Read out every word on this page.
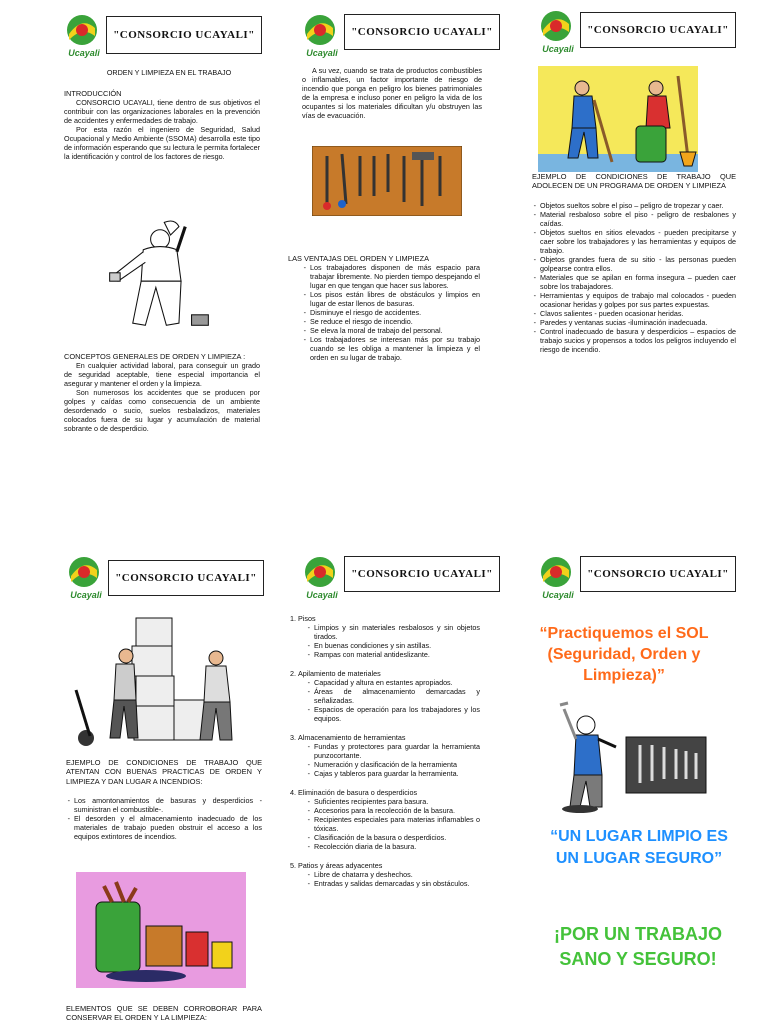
Ucayali
"CONSORCIO UCAYALI"

ORDEN Y LIMPIEZA EN EL TRABAJO

INTRODUCCIÓN

CONSORCIO UCAYALI, tiene dentro de sus objetivos el contribuir con las organizaciones laborales en la prevención de accidentes y enfermedades de trabajo.

Por esta razón el ingeniero de Seguridad, Salud Ocupacional y Medio Ambiente (SSOMA) desarrolla este tipo de información esperando que su lectura le permita fortalecer la identificación y control de los factores de riesgo.

CONCEPTOS GENERALES DE ORDEN Y LIMPIEZA :

En cualquier actividad laboral, para conseguir un grado de seguridad aceptable, tiene especial importancia el asegurar y mantener el orden y la limpieza.

Son numerosos los accidentes que se producen por golpes y caídas como consecuencia de un ambiente desordenado o sucio, suelos resbaladizos, materiales colocados fuera de su lugar y acumulación de material sobrante o de desperdicio.

Ucayali
"CONSORCIO UCAYALI"

A su vez, cuando se trata de productos combustibles o inflamables, un factor importante de riesgo de incendio que ponga en peligro los bienes patrimoniales de la empresa e incluso poner en peligro la vida de los ocupantes si los materiales dificultan y/u obstruyen las vías de evacuación.

LAS VENTAJAS DEL ORDEN Y LIMPIEZA

- Los trabajadores disponen de más espacio para trabajar libremente. No pierden tiempo despejando el lugar en que tengan que hacer sus labores.
- Los pisos están libres de obstáculos y limpios en lugar de estar llenos de basuras.
- Disminuye el riesgo de accidentes.
- Se reduce el riesgo de incendio.
- Se eleva la moral de trabajo del personal.
- Los trabajadores se interesan más por su trabajo cuando se les obliga a mantener la limpieza y el orden en su lugar de trabajo.
Ucayali
"CONSORCIO UCAYALI"

EJEMPLO DE CONDICIONES DE TRABAJO QUE ADOLECEN DE UN PROGRAMA DE ORDEN Y LIMPIEZA

- Objetos sueltos sobre el piso – peligro de tropezar y caer.
- Material resbaloso sobre el piso - peligro de resbalones y caídas.
- Objetos sueltos en sitios elevados - pueden precipitarse y caer sobre los trabajadores y las herramientas y equipos de trabajo.
- Objetos grandes fuera de su sitio - las personas pueden golpearse contra ellos.
- Materiales que se apilan en forma insegura – pueden caer sobre los trabajadores.
- Herramientas y equipos de trabajo mal colocados - pueden ocasionar heridas y golpes por sus partes expuestas.
- Clavos salientes - pueden ocasionar heridas.
- Paredes y ventanas sucias -iluminación inadecuada.
- Control inadecuado de basura y desperdicios – espacios de trabajo sucios y propensos a todos los peligros incluyendo el riesgo de incendio.
Ucayali
"CONSORCIO UCAYALI"

EJEMPLO DE CONDICIONES DE TRABAJO QUE ATENTAN CON BUENAS PRACTICAS DE ORDEN Y LIMPIEZA Y DAN LUGAR A INCENDIOS:

- Los amontonamientos de basuras y desperdicios - suministran el combustible-.
- El desorden y el almacenamiento inadecuado de los materiales de trabajo pueden obstruir el acceso a los equipos extintores de incendios.

ELEMENTOS QUE SE DEBEN CORROBORAR PARA CONSERVAR EL ORDEN Y LA LIMPIEZA:

Ucayali
"CONSORCIO UCAYALI"
1. Pisos
- Limpios y sin materiales resbalosos y sin objetos tirados.
- En buenas condiciones y sin astillas.
- Rampas con material antideslizante.
2. Apilamiento de materiales
- Capacidad y altura en estantes apropiados.
- Áreas de almacenamiento demarcadas y señalizadas.
- Espacios de operación para los trabajadores y los equipos.
3. Almacenamiento de herramientas
- Fundas y protectores para guardar la herramienta punzocortante.
- Numeración y clasificación de la herramienta
- Cajas y tableros para guardar la herramienta.
4. Eliminación de basura o desperdicios
- Suficientes recipientes para basura.
- Accesorios para la recolección de la basura.
- Recipientes especiales para materias inflamables o tóxicas.
- Clasificación de la basura o desperdicios.
- Recolección diaria de la basura.
5. Patios y áreas adyacentes
- Libre de chatarra y deshechos.
- Entradas y salidas demarcadas y sin obstáculos.
Ucayali
"CONSORCIO UCAYALI"
“Practiquemos el SOL (Seguridad, Orden y Limpieza)”
“UN LUGAR LIMPIO ES UN LUGAR SEGURO”
¡POR UN TRABAJO SANO Y SEGURO!
